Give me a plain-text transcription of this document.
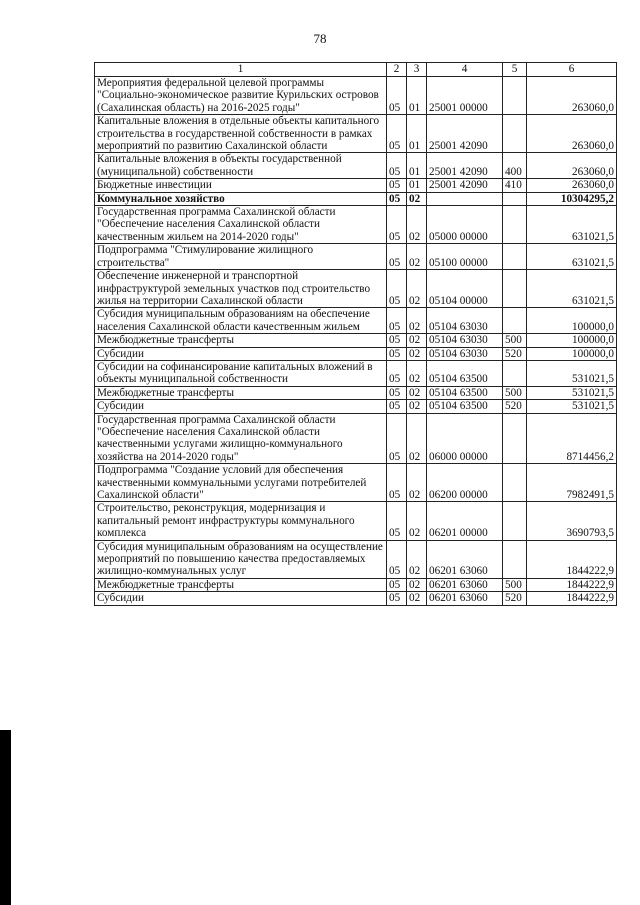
78
1	2	3	4	5	6
Мероприятия федеральной целевой программы "Социально-экономическое развитие Курильских островов (Сахалинская область) на 2016-2025 годы"	05	01	25001 00000		263060,0
Капитальные вложения в отдельные объекты капитального строительства в государственной собственности в рамках мероприятий по развитию Сахалинской области	05	01	25001 42090		263060,0
Капитальные вложения в объекты государственной (муниципальной) собственности	05	01	25001 42090	400	263060,0
Бюджетные инвестиции	05	01	25001 42090	410	263060,0
Коммунальное хозяйство	05	02			10304295,2
Государственная программа Сахалинской области "Обеспечение населения Сахалинской области качественным жильем на 2014-2020 годы"	05	02	05000 00000		631021,5
Подпрограмма "Стимулирование жилищного строительства"	05	02	05100 00000		631021,5
Обеспечение инженерной и транспортной инфраструктурой земельных участков под строительство жилья на территории Сахалинской области	05	02	05104 00000		631021,5
Субсидия муниципальным образованиям на обеспечение населения Сахалинской области качественным жильем	05	02	05104 63030		100000,0
Межбюджетные трансферты	05	02	05104 63030	500	100000,0
Субсидии	05	02	05104 63030	520	100000,0
Субсидии на софинансирование капитальных вложений в объекты муниципальной собственности	05	02	05104 63500		531021,5
Межбюджетные трансферты	05	02	05104 63500	500	531021,5
Субсидии	05	02	05104 63500	520	531021,5
Государственная программа Сахалинской области "Обеспечение населения Сахалинской области качественными услугами жилищно-коммунального хозяйства на 2014-2020 годы"	05	02	06000 00000		8714456,2
Подпрограмма "Создание условий для обеспечения качественными коммунальными услугами потребителей Сахалинской области"	05	02	06200 00000		7982491,5
Строительство, реконструкция, модернизация и капитальный ремонт инфраструктуры коммунального комплекса	05	02	06201 00000		3690793,5
Субсидия муниципальным образованиям на осуществление мероприятий по повышению качества предоставляемых жилищно-коммунальных услуг	05	02	06201 63060		1844222,9
Межбюджетные трансферты	05	02	06201 63060	500	1844222,9
Субсидии	05	02	06201 63060	520	1844222,9
